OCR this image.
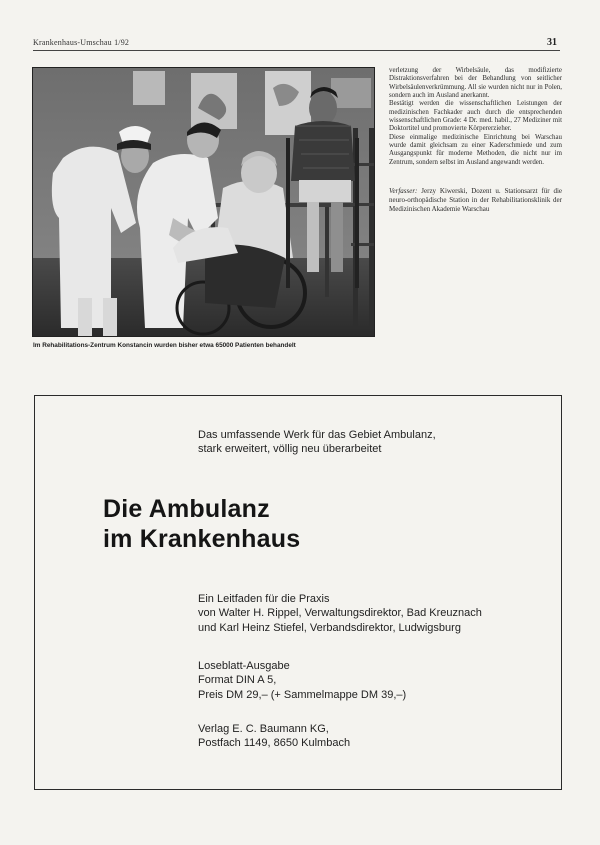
Krankenhaus-Umschau 1/92	31
Im Rehabilitations-Zentrum Konstancin wurden bisher etwa 65000 Patienten behandelt

verletzung der Wirbelsäule, das modifizierte Distraktionsverfahren bei der Behandlung von seitlicher Wirbelsäulenverkrümmung. All sie wurden nicht nur in Polen, sondern auch im Ausland anerkannt.

Bestätigt werden die wissenschaftlichen Leistungen der medizinischen Fachkader auch durch die entsprechenden wissenschaftlichen Grade: 4 Dr. med. habil., 27 Mediziner mit Doktortitel und promovierte Körpererzieher.

Diese einmalige medizinische Einrichtung bei Warschau wurde damit gleichsam zu einer Kaderschmiede und zum Ausgangspunkt für moderne Methoden, die nicht nur im Zentrum, sondern selbst im Ausland angewandt werden.

Verfasser: Jerzy Kiwerski, Dozent u. Stationsarzt für die neuro-orthopädische Station in der Rehabilitationsklinik der Medizinischen Akademie Warschau

Das umfassende Werk für das Gebiet Ambulanz,
stark erweitert, völlig neu überarbeitet
Die Ambulanz
im Krankenhaus
Ein Leitfaden für die Praxis
von Walter H. Rippel, Verwaltungsdirektor, Bad Kreuznach
und Karl Heinz Stiefel, Verbandsdirektor, Ludwigsburg
Loseblatt-Ausgabe
Format DIN A 5,
Preis DM 29,– (+ Sammelmappe DM 39,–)
Verlag E. C. Baumann KG,
Postfach 1149, 8650 Kulmbach
